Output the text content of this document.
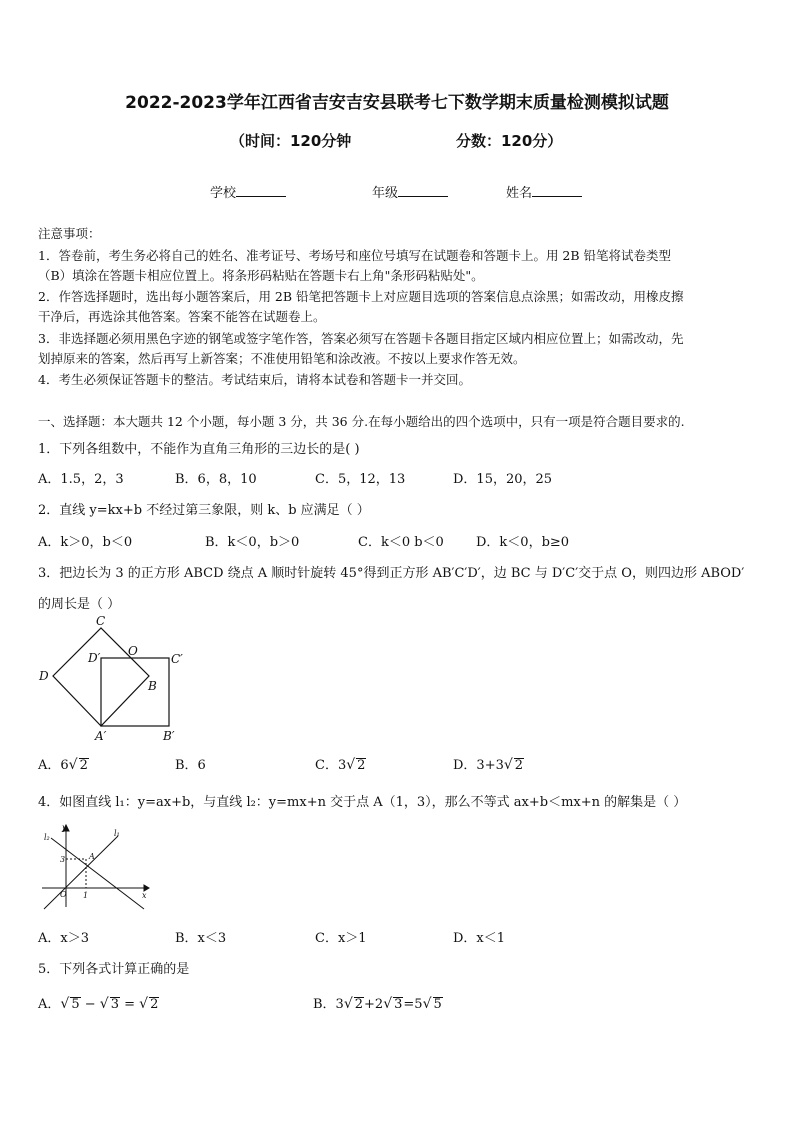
2022-2023学年江西省吉安吉安县联考七下数学期末质量检测模拟试题
（时间：120分钟	分数：120分）
学校	年级	姓名
注意事项：
1．答卷前，考生务必将自己的姓名、准考证号、考场号和座位号填写在试题卷和答题卡上。用 2B 铅笔将试卷类型
（B）填涂在答题卡相应位置上。将条形码粘贴在答题卡右上角"条形码粘贴处"。
2．作答选择题时，选出每小题答案后，用 2B 铅笔把答题卡上对应题目选项的答案信息点涂黑；如需改动，用橡皮擦
干净后，再选涂其他答案。答案不能答在试题卷上。
3．非选择题必须用黑色字迹的钢笔或签字笔作答，答案必须写在答题卡各题目指定区域内相应位置上；如需改动，先
划掉原来的答案，然后再写上新答案；不准使用铅笔和涂改液。不按以上要求作答无效。
4．考生必须保证答题卡的整洁。考试结束后，请将本试卷和答题卡一并交回。
一、选择题：本大题共 12 个小题，每小题 3 分，共 36 分.在每小题给出的四个选项中，只有一项是符合题目要求的.
1．下列各组数中，不能作为直角三角形的三边长的是( )
A．1.5，2，3	B．6，8，10	C．5，12，13	D．15，20，25
2．直线 y=kx+b 不经过第三象限，则 k、b 应满足（ ）
A．k＞0，b＜0	B．k＜0，b＞0	C．k＜0 b＜0 D．k＜0，b≥0
3．把边长为 3 的正方形 ABCD 绕点 A 顺时针旋转 45°得到正方形 AB′C′D′，边 BC 与 D′C′交于点 O，则四边形 ABOD′
的周长是（ ）
C
D′ O
C′
D
B
A′	B′
A．6√ 2	B．6	C．3√ 2	D．3+3√ 2
4．如图直线 l₁：y=ax+b，与直线 l₂：y=mx+n 交于点 A（1，3），那么不等式 ax+b＜mx+n 的解集是（ ）
l₂
y
l₁
3	A
O 1	x
A．x＞3	B．x＜3	C．x＞1	D．x＜1
5．下列各式计算正确的是
A．√ 5 − √ 3 = √ 2	B．3√ 2+2√ 3=5√ 5
